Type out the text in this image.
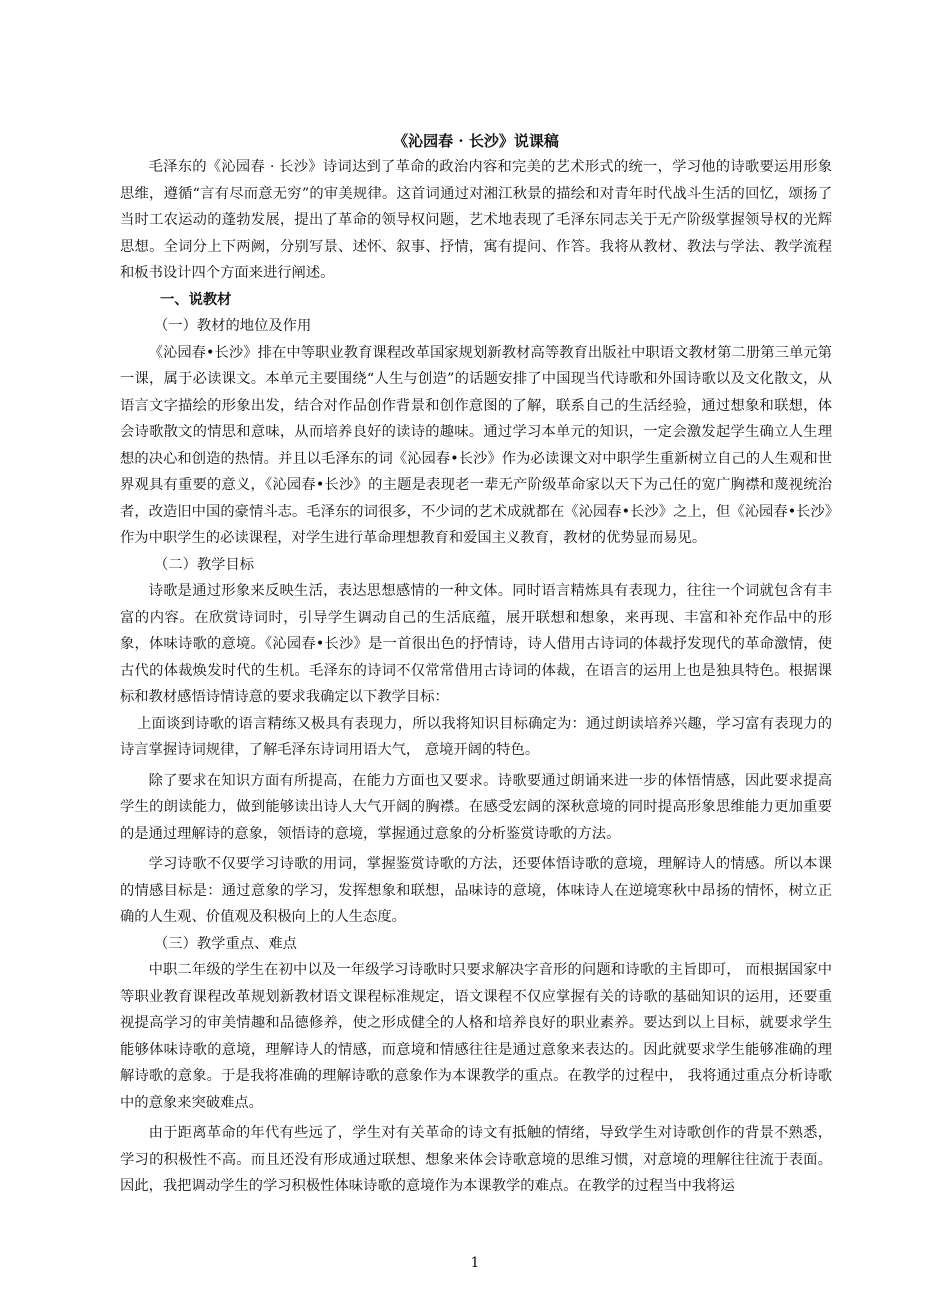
《沁园春 · 长沙》说课稿

毛泽东的《沁园春 · 长沙》诗词达到了革命的政治内容和完美的艺术形式的统一，学习他的诗歌要运用形象思维，遵循“言有尽而意无穷”的审美规律。这首词通过对湘江秋景的描绘和对青年时代战斗生活的回忆，颂扬了当时工农运动的蓬勃发展，提出了革命的领导权问题，艺术地表现了毛泽东同志关于无产阶级掌握领导权的光辉思想。全词分上下两阙，分别写景、述怀、叙事、抒情，寓有提问、作答。我将从教材、教法与学法、教学流程和板书设计四个方面来进行阐述。

一、说教材
（一）教材的地位及作用

《沁园春•长沙》排在中等职业教育课程改革国家规划新教材高等教育出版社中职语文教材第二册第三单元第一课，属于必读课文。本单元主要围绕“人生与创造”的话题安排了中国现当代诗歌和外国诗歌以及文化散文，从语言文字描绘的形象出发，结合对作品创作背景和创作意图的了解，联系自己的生活经验，通过想象和联想，体会诗歌散文的情思和意味，从而培养良好的读诗的趣味。通过学习本单元的知识，一定会激发起学生确立人生理想的决心和创造的热情。并且以毛泽东的词《沁园春•长沙》作为必读课文对中职学生重新树立自己的人生观和世界观具有重要的意义，《沁园春•长沙》的主题是表现老一辈无产阶级革命家以天下为己任的宽广胸襟和蔑视统治者，改造旧中国的豪情斗志。毛泽东的词很多，不少词的艺术成就都在《沁园春•长沙》之上，但《沁园春•长沙》作为中职学生的必读课程，对学生进行革命理想教育和爱国主义教育，教材的优势显而易见。

（二）教学目标

诗歌是通过形象来反映生活，表达思想感情的一种文体。同时语言精炼具有表现力，往往一个词就包含有丰富的内容。在欣赏诗词时，引导学生调动自己的生活底蕴，展开联想和想象，来再现、丰富和补充作品中的形象，体味诗歌的意境。《沁园春•长沙》是一首很出色的抒情诗，诗人借用古诗词的体裁抒发现代的革命激情，使古代的体裁焕发时代的生机。毛泽东的诗词不仅常常借用古诗词的体裁，在语言的运用上也是独具特色。根据课标和教材感悟诗情诗意的要求我确定以下教学目标：

上面谈到诗歌的语言精练又极具有表现力，所以我将知识目标确定为：通过朗读培养兴趣，学习富有表现力的诗言掌握诗词规律，了解毛泽东诗词用语大气， 意境开阔的特色。

除了要求在知识方面有所提高，在能力方面也又要求。诗歌要通过朗诵来进一步的体悟情感，因此要求提高学生的朗读能力，做到能够读出诗人大气开阔的胸襟。在感受宏阔的深秋意境的同时提高形象思维能力更加重要的是通过理解诗的意象，领悟诗的意境，掌握通过意象的分析鉴赏诗歌的方法。

学习诗歌不仅要学习诗歌的用词，掌握鉴赏诗歌的方法，还要体悟诗歌的意境，理解诗人的情感。所以本课的情感目标是：通过意象的学习，发挥想象和联想，品味诗的意境，体味诗人在逆境寒秋中昂扬的情怀，树立正确的人生观、价值观及积极向上的人生态度。

（三）教学重点、难点

中职二年级的学生在初中以及一年级学习诗歌时只要求解决字音形的问题和诗歌的主旨即可， 而根据国家中等职业教育课程改革规划新教材语文课程标准规定，语文课程不仅应掌握有关的诗歌的基础知识的运用，还要重视提高学习的审美情趣和品德修养，使之形成健全的人格和培养良好的职业素养。要达到以上目标，就要求学生能够体味诗歌的意境，理解诗人的情感，而意境和情感往往是通过意象来表达的。因此就要求学生能够准确的理解诗歌的意象。于是我将准确的理解诗歌的意象作为本课教学的重点。在教学的过程中， 我将通过重点分析诗歌中的意象来突破难点。

由于距离革命的年代有些远了，学生对有关革命的诗文有抵触的情绪，导致学生对诗歌创作的背景不熟悉，学习的积极性不高。而且还没有形成通过联想、想象来体会诗歌意境的思维习惯，对意境的理解往往流于表面。因此，我把调动学生的学习积极性体味诗歌的意境作为本课教学的难点。在教学的过程当中我将运

1
